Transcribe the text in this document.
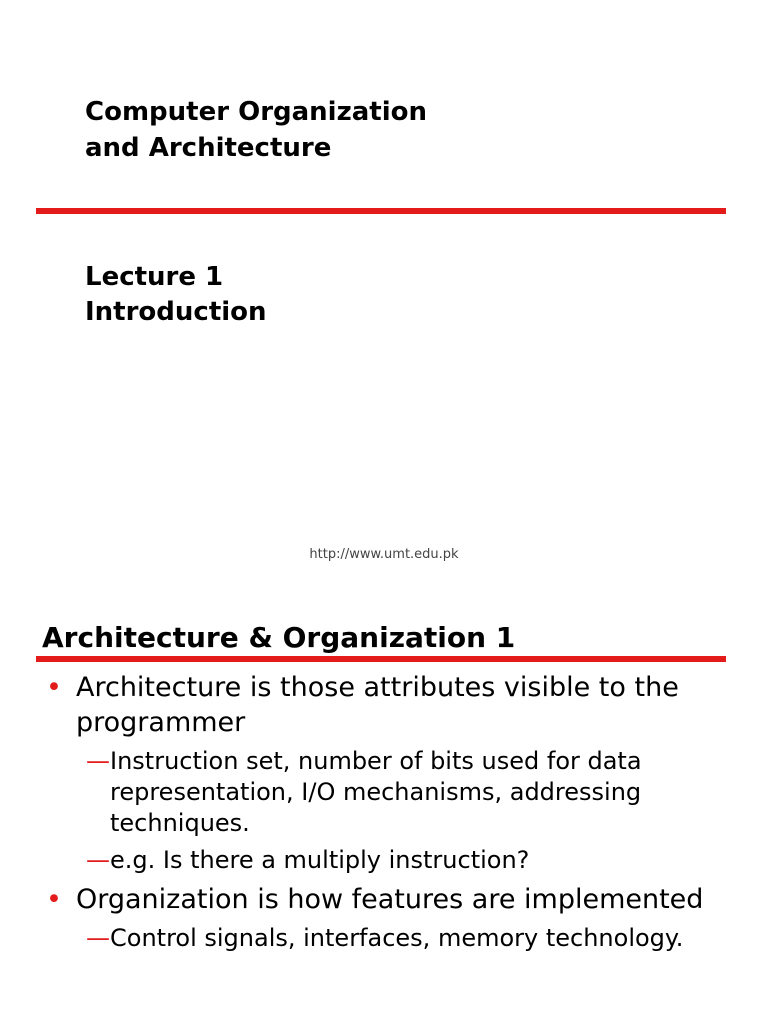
Computer Organization
and Architecture
Lecture 1
Introduction
http://www.umt.edu.pk
Architecture & Organization 1
• Architecture is those attributes visible to the programmer
— Instruction set, number of bits used for data representation, I/O mechanisms, addressing techniques.
— e.g. Is there a multiply instruction?
• Organization is how features are implemented
— Control signals, interfaces, memory technology.
